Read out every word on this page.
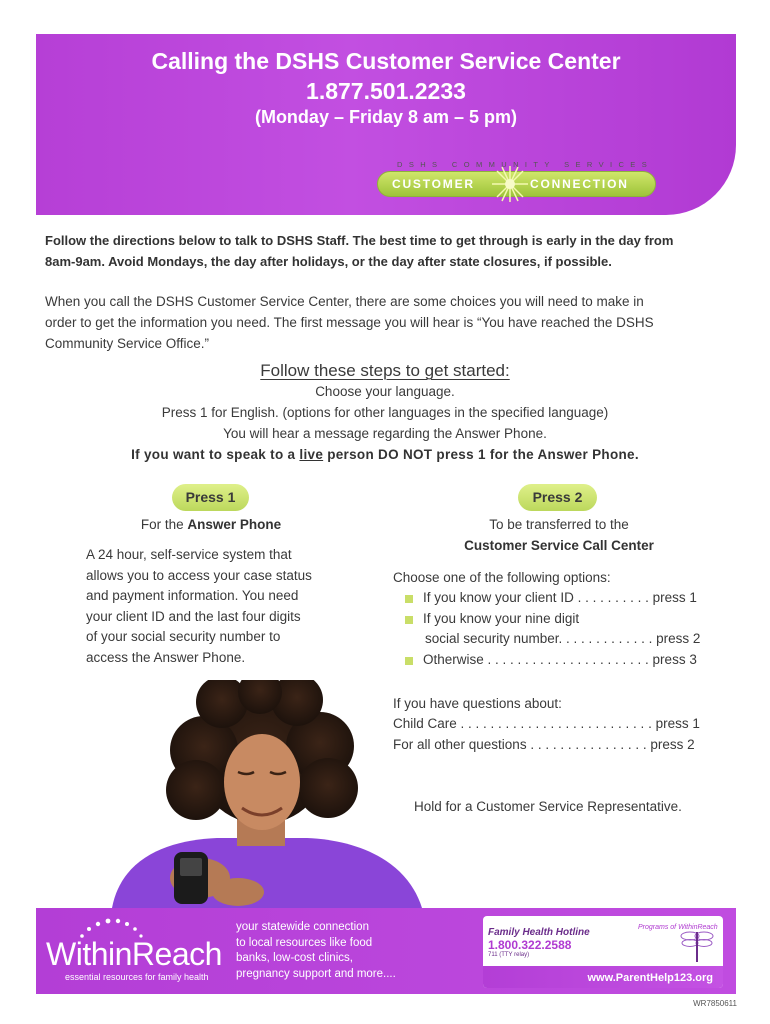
Calling the DSHS Customer Service Center
1.877.501.2233
(Monday – Friday 8 am – 5 pm)
DSHS COMMUNITY SERVICES
CUSTOMER	CONNECTION
Follow the directions below to talk to DSHS Staff. The best time to get through is early in the day from
8am-9am. Avoid Mondays, the day after holidays, or the day after state closures, if possible.
When you call the DSHS Customer Service Center, there are some choices you will need to make in
order to get the information you need. The first message you will hear is “You have reached the DSHS
Community Service Office.”
Follow these steps to get started:
Choose your language.
Press 1 for English. (options for other languages in the specified language)
You will hear a message regarding the Answer Phone.
If you want to speak to a live person DO NOT press 1 for the Answer Phone.
Press 1	Press 2
For the Answer Phone
A 24 hour, self-service system that
allows you to access your case status
and payment information. You need
your client ID and the last four digits
of your social security number to
access the Answer Phone.
To be transferred to the
Customer Service Call Center
Choose one of the following options:
If you know your client ID . . . . . . . . . . press 1
If you know your nine digit
social security number. . . . . . . . . . . . . press 2
Otherwise . . . . . . . . . . . . . . . . . . . . . . press 3
If you have questions about:
Child Care . . . . . . . . . . . . . . . . . . . . . . . . . . press 1
For all other questions . . . . . . . . . . . . . . . . press 2
Hold for a Customer Service Representative.
WithinReach
essential resources for family health
your statewide connection
to local resources like food
banks, low-cost clinics,
pregnancy support and more....
Family Health Hotline
1.800.322.2588
711 (TTY relay)
Programs of WithinReach
www.ParentHelp123.org
WR7850611
